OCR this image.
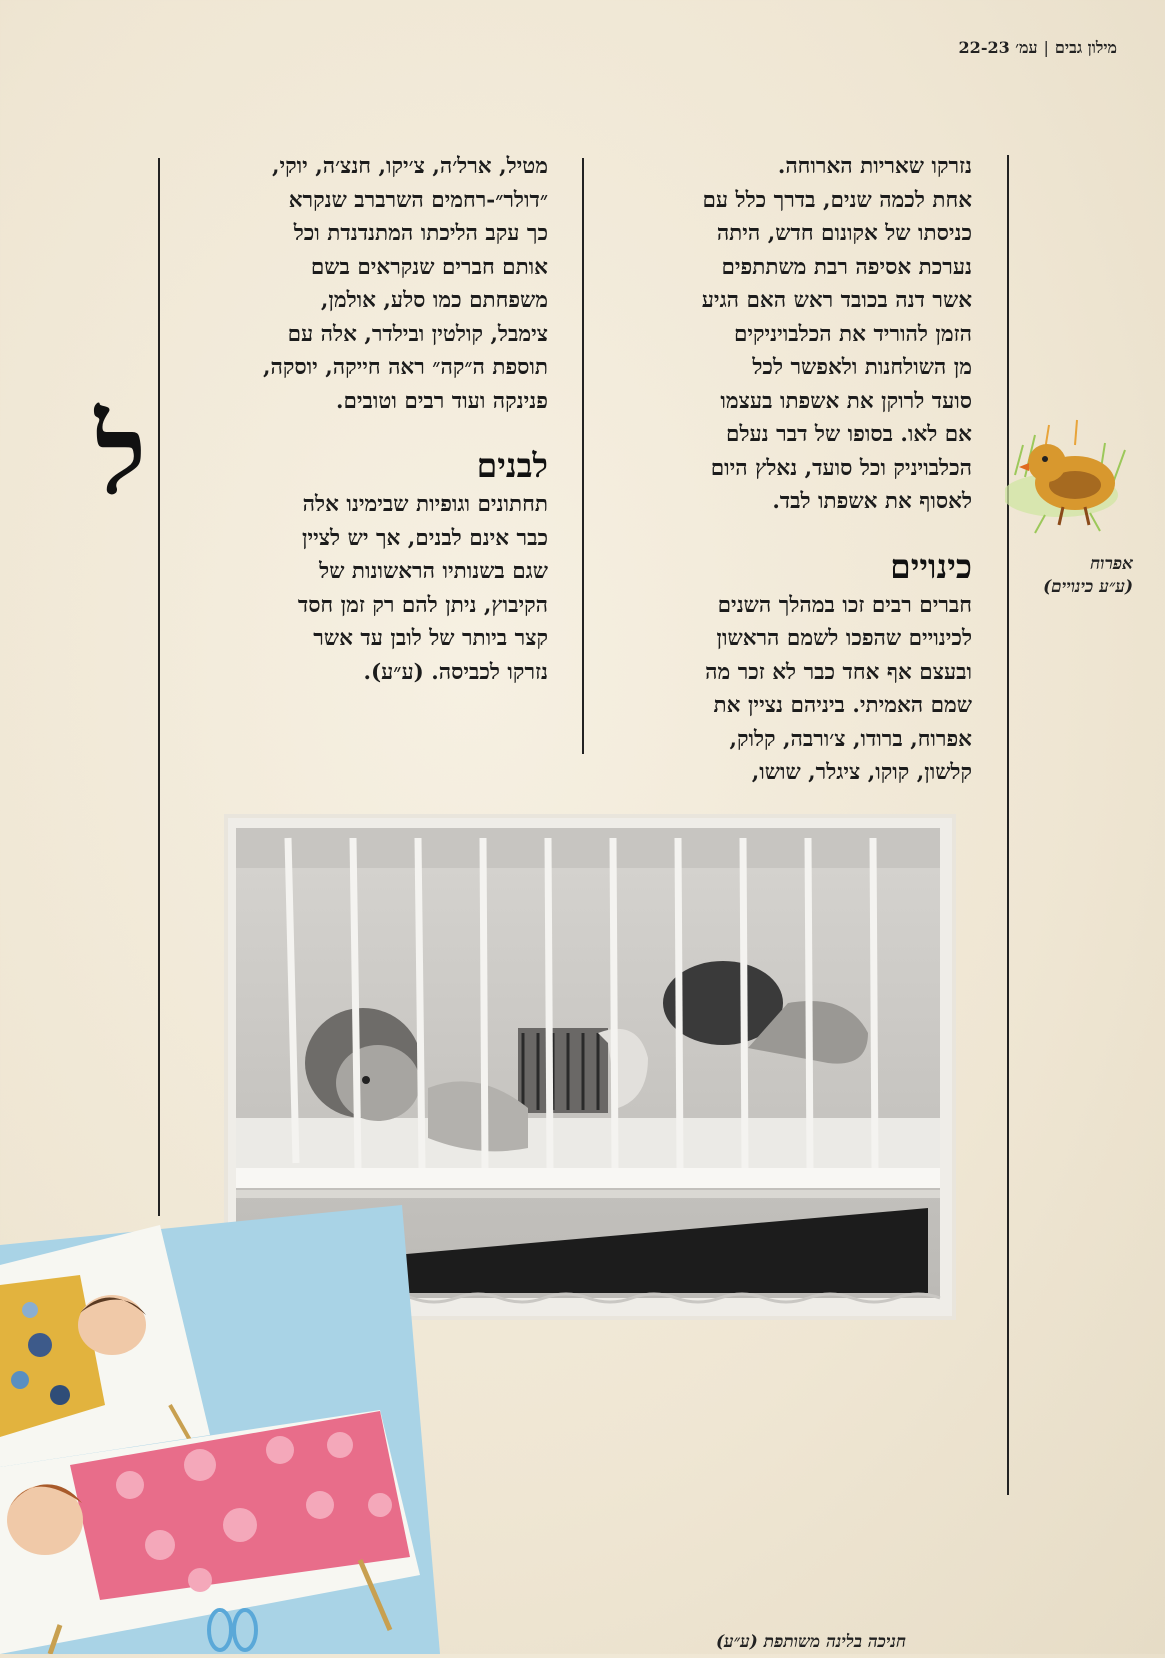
מילון גבים|עמ׳ 22-23

נזרקו שאריות הארוחה.

אחת לכמה שנים, בדרך כלל עם

כניסתו של אקונום חדש, היתה

נערכת אסיפה רבת משתתפים

אשר דנה בכובד ראש האם הגיע

הזמן להוריד את הכלבויניקים

מן השולחנות ולאפשר לכל

סועד לרוקן את אשפתו בעצמו

אם לאו. בסופו של דבר נעלם

הכלבויניק וכל סועד, נאלץ היום

לאסוף את אשפתו לבד.

כינויים

חברים רבים זכו במהלך השנים

לכינויים שהפכו לשמם הראשון

ובעצם אף אחד כבר לא זכר מה

שמם האמיתי. ביניהם נציין את

אפרוח, ברודו, צ׳ורבה, קלוק,

קלשון, קוקו, ציגלר, שושו,

מטיל, ארל׳ה, צ׳יקו, חנצ׳ה, יוקי,

״דולר״-רחמים השרברב שנקרא

כך עקב הליכתו המתנדנדת וכל

אותם חברים שנקראים בשם

משפחתם כמו סלע, אולמן,

צימבל, קולטין ובילדר, אלה עם

תוספת ה״קה״ ראה חייקה, יוסקה,

פנינקה ועוד רבים וטובים.

לבנים

תחתונים וגופיות שבימינו אלה

כבר אינם לבנים, אך יש לציין

שגם בשנותיו הראשונות של

הקיבוץ, ניתן להם רק זמן חסד

קצר ביותר של לובן עד אשר

נזרקו לכביסה. (ע״ע).

ל
אפרוח
(ע״ע כינויים)
חניכה בלינה משותפת (ע״ע)
